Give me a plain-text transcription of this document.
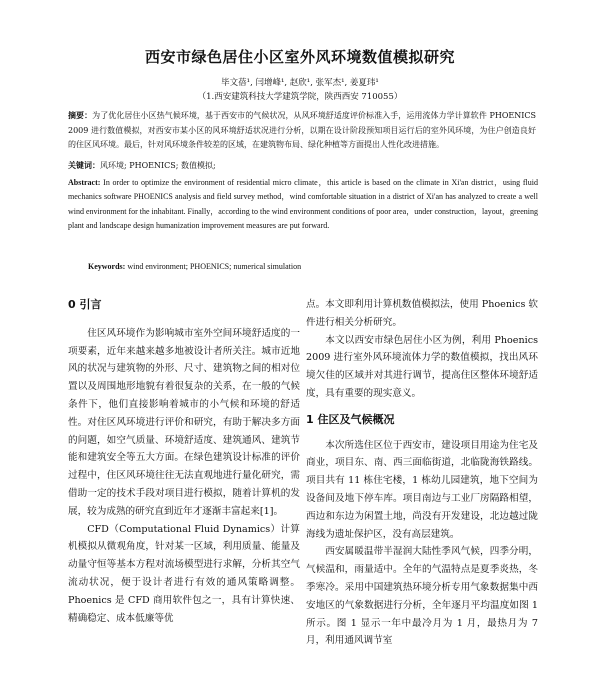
西安市绿色居住小区室外风环境数值模拟研究
毕文蓓¹, 闫增峰¹, 赵欣¹, 张军杰¹, 姜夏玮¹
（1.西安建筑科技大学建筑学院，陕西西安 710055）
摘要：为了优化居住小区热气候环境，基于西安市的气候状况，从风环境舒适度评价标准入手，运用流体力学计算软件 PHOENICS 2009 进行数值模拟，对西安市某小区的风环境舒适状况进行分析，以期在设计阶段预知项目运行后的室外风环境，为住户创造良好的住区风环境。最后，针对风环境条件较差的区域，在建筑物布局、绿化种植等方面提出人性化改进措施。
关键词：风环境; PHOENICS; 数值模拟;
Abstract: In order to optimize the environment of residential micro climate，this article is based on the climate in Xi'an district，using fluid mechanics software PHOENICS analysis and field survey method，wind comfortable situation in a district of Xi'an has analyzed to create a well wind environment for the inhabitant. Finally，according to the wind environment conditions of poor area，under construction，layout，greening plant and landscape design humanization improvement measures are put forward.
Keywords: wind environment; PHOENICS; numerical simulation
0 引言

住区风环境作为影响城市室外空间环境舒适度的一项要素，近年来越来越多地被设计者所关注。城市近地风的状况与建筑物的外形、尺寸、建筑物之间的相对位置以及周围地形地貌有着很复杂的关系，在一般的气候条件下，他们直接影响着城市的小气候和环境的舒适性。对住区风环境进行评价和研究，有助于解决多方面的问题，如空气质量、环境舒适度、建筑通风、建筑节能和建筑安全等五大方面。在绿色建筑设计标准的评价过程中，住区风环境往往无法直观地进行量化研究，需借助一定的技术手段对项目进行模拟，随着计算机的发展，较为成熟的研究直到近年才逐渐丰富起来[1]。

CFD（Computational Fluid Dynamics）计算机模拟从微观角度，针对某一区域，利用质量、能量及动量守恒等基本方程对流场模型进行求解，分析其空气流动状况，便于设计者进行有效的通风策略调整。Phoenics 是 CFD 商用软件包之一，具有计算快速、精确稳定、成本低廉等优

点。本文即利用计算机数值模拟法，使用 Phoenics 软件进行相关分析研究。

本文以西安市绿色居住小区为例，利用 Phoenics 2009 进行室外风环境流体力学的数值模拟，找出风环境欠佳的区域并对其进行调节，提高住区整体环境舒适度，具有重要的现实意义。

1 住区及气候概况

本次所选住区位于西安市，建设项目用途为住宅及商业，项目东、南、西三面临街道，北临陇海铁路线。项目共有 11 栋住宅楼，1 栋幼儿园建筑，地下空间为设备间及地下停车库。项目南边与工业厂房隔路相望，西边和东边为闲置土地，尚没有开发建设，北边越过陇海线为遗址保护区，没有高层建筑。

西安属暖温带半湿润大陆性季风气候，四季分明，气候温和，雨量适中。全年的气温特点是夏季炎热，冬季寒冷。采用中国建筑热环境分析专用气象数据集中西安地区的气象数据进行分析，全年逐月平均温度如图 1 所示。图 1 显示一年中最冷月为 1 月，最热月为 7 月，利用通风调节室
